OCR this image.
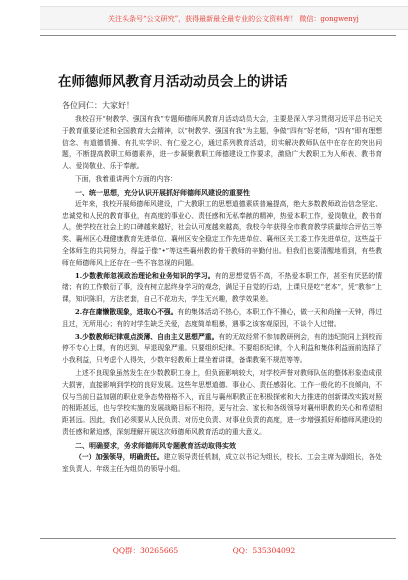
关注头条号“公文研究”，获得最新最全最专业的公文资料库！ 微信：gongwenyj
在师德师风教育月活动动员会上的讲话
各位同仁：大家好！

我校召开“树教学、强国有我”专题师德师风教育月活动动员大会，主要是深入学习贯彻习近平总书记关于教育重要论述和全国教育大会精神，以“树教学、强国有我”为主题，争做“四有”好老师，“四有”即有理想信念、有道德情操、有扎实学识、有仁爱之心，通过系列教育活动，切实解决教师队伍中在存在的突出问题，不断提高教职工师德素养，进一步凝聚教职工师德建设工作要求，激励广大教职工为人师表、教书育人、爱岗敬业、乐于奉献。

下面，我着重讲两个方面的内容：

一、统一思想，充分认识开展抓好师德师风建设的重要性

近年来，我校开展师德师风建设，广大教职工的思想道德素质普遍提高，绝大多数教师政治信念坚定、忠诚党和人民的教育事业，有高度的事业心、责任感和无私奉献的精神，热爱本职工作，爱岗敬业，教书育人，使学校在社会上的口碑越来越好，社会认可度越来越高，我校今年获得全市教育教学质量综合评估三等奖、襄州区心理健康教育先进单位、襄州区安全稳定工作先进单位、襄州区关工委工作先进单位，这些益于全体师生的共同努力，得益于像“•”等这些襄州教的骨干教师的辛勤付出。但我们也要清醒地看到，有些教师在师德师风上还存在一些不容忽视的问题。

1.少数教师忽视政治理论和业务知识的学习。有的思想觉悟不高，不热爱本职工作，甚至有厌恶的情绪；有的工作敷衍了事，没有树立起终身学习的观念，满足于自觉的行动，上课只是吃“老本”，凭“教参”上课，知识陈旧，方法老套，自己不花功夫，学生无兴趣，教学效果差。

2.存在庸懒散现象，进取心不强。有的集体活动不热心，本职工作不操心，做一天和尚撞一天钟，得过且过，无所用心；有的对学生缺乏关爱，态度简单粗暴，遇事之该客观原因，不谈个人过错。

3.少数教师纪律观点淡薄、自由主义思想严重。有的无故经常不参加教研例会，有的违纪院同上到校而停不专心上课，有的迟到、早退现象严重。只要组织纪律。不要组织纪律，个人利益和集体利益面前选择了小我利益，只考虑个人得失，少数年轻教师上课坐着讲课，备课教案不规范等等。

上述不良现象虽然发生在少数教职工身上，但负面影响较大，对学校声誉对教师队伍的整体形象造成很大损害，直接影响到学校的良好发展。这些年思想道德、事业心、责任感弱化、工作一般化的不良倾向，不仅与当前日益加剧的职业竞争态势格格不入，而且与襄州职教正在积极探索和大力推进的创新课改实践对照的相距甚远，也与学校实施的发展战略目标不相符，更与社会、家长和各级领导对襄州职教的关心和希望相距甚远。因此，我们必须要从人民负责、对历史负责、对事业负责的高度，进一步增强抓好师德师风建设的责任感和紧迫感，深刻理解开展这次师德师风教育活动的重大意义。

二、明确要求，务求师德师风专题教育活动取得实效

（一）加强领导，明确责任。建立领导责任机制，成立以书记为组长，校长、工会主席为副组长，各处室负责人、年级主任为组员的领导小组。

QQ群：30265665	QQ：535304092
